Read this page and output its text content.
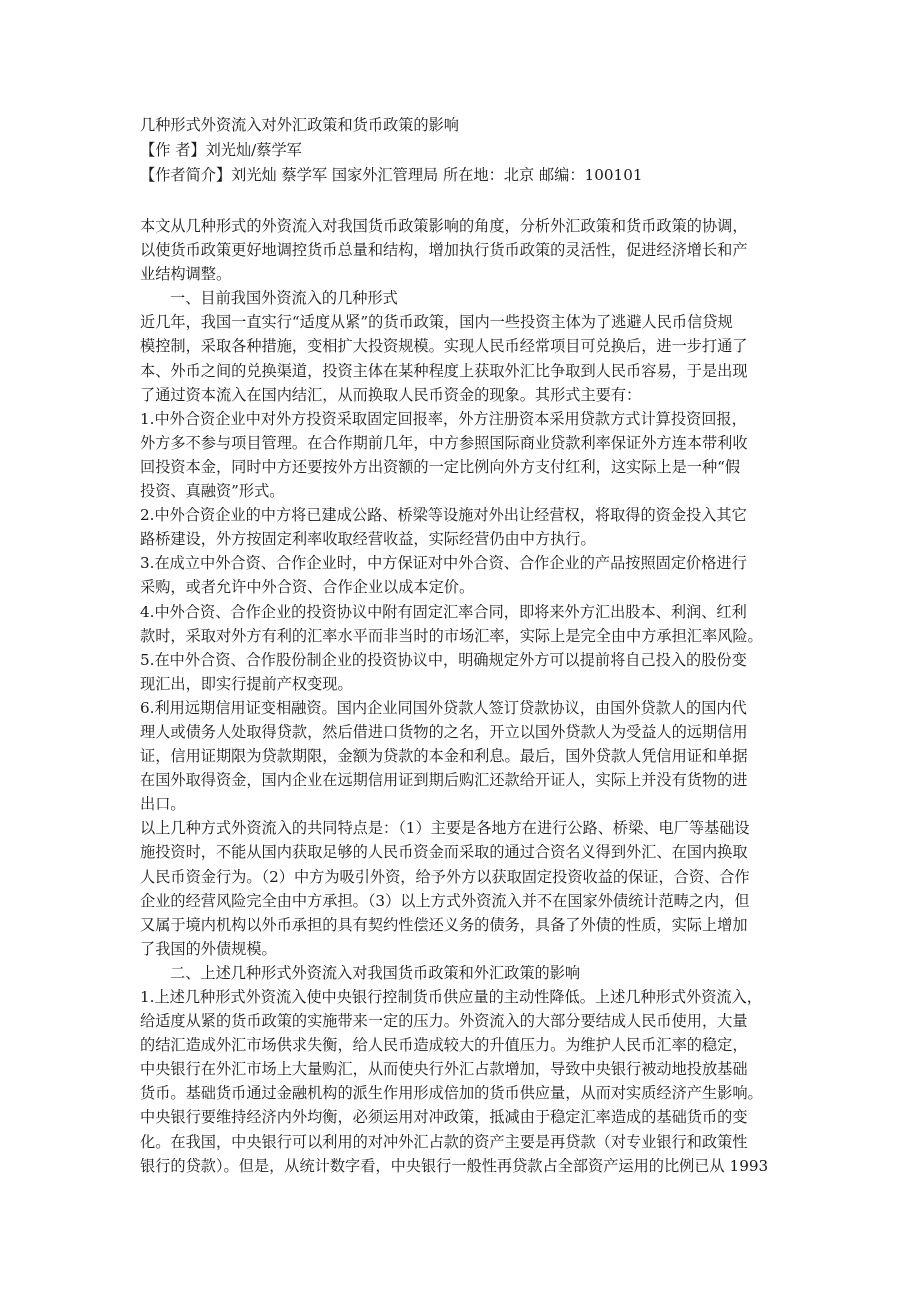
几种形式外资流入对外汇政策和货币政策的影响
【作 者】刘光灿/蔡学军
【作者简介】刘光灿 蔡学军 国家外汇管理局 所在地：北京 邮编：100101
本文从几种形式的外资流入对我国货币政策影响的角度，分析外汇政策和货币政策的协调，
以使货币政策更好地调控货币总量和结构，增加执行货币政策的灵活性，促进经济增长和产
业结构调整。
一、目前我国外资流入的几种形式
近几年，我国一直实行“适度从紧”的货币政策，国内一些投资主体为了逃避人民币信贷规
模控制，采取各种措施，变相扩大投资规模。实现人民币经常项目可兑换后，进一步打通了
本、外币之间的兑换渠道，投资主体在某种程度上获取外汇比争取到人民币容易，于是出现
了通过资本流入在国内结汇，从而换取人民币资金的现象。其形式主要有：
1.中外合资企业中对外方投资采取固定回报率，外方注册资本采用贷款方式计算投资回报，
外方多不参与项目管理。在合作期前几年，中方参照国际商业贷款利率保证外方连本带利收
回投资本金，同时中方还要按外方出资额的一定比例向外方支付红利，这实际上是一种“假
投资、真融资”形式。
2.中外合资企业的中方将已建成公路、桥梁等设施对外出让经营权，将取得的资金投入其它
路桥建设，外方按固定利率收取经营收益，实际经营仍由中方执行。
3.在成立中外合资、合作企业时，中方保证对中外合资、合作企业的产品按照固定价格进行
采购，或者允许中外合资、合作企业以成本定价。
4.中外合资、合作企业的投资协议中附有固定汇率合同，即将来外方汇出股本、利润、红利
款时，采取对外方有利的汇率水平而非当时的市场汇率，实际上是完全由中方承担汇率风险。
5.在中外合资、合作股份制企业的投资协议中，明确规定外方可以提前将自己投入的股份变
现汇出，即实行提前产权变现。
6.利用远期信用证变相融资。国内企业同国外贷款人签订贷款协议，由国外贷款人的国内代
理人或债务人处取得贷款，然后借进口货物的之名，开立以国外贷款人为受益人的远期信用
证，信用证期限为贷款期限，金额为贷款的本金和利息。最后，国外贷款人凭信用证和单据
在国外取得资金，国内企业在远期信用证到期后购汇还款给开证人，实际上并没有货物的进
出口。
以上几种方式外资流入的共同特点是：（1）主要是各地方在进行公路、桥梁、电厂等基础设
施投资时，不能从国内获取足够的人民币资金而采取的通过合资名义得到外汇、在国内换取
人民币资金行为。（2）中方为吸引外资，给予外方以获取固定投资收益的保证，合资、合作
企业的经营风险完全由中方承担。（3）以上方式外资流入并不在国家外债统计范畴之内，但
又属于境内机构以外币承担的具有契约性偿还义务的债务，具备了外债的性质，实际上增加
了我国的外债规模。
二、上述几种形式外资流入对我国货币政策和外汇政策的影响
1.上述几种形式外资流入使中央银行控制货币供应量的主动性降低。上述几种形式外资流入，
给适度从紧的货币政策的实施带来一定的压力。外资流入的大部分要结成人民币使用，大量
的结汇造成外汇市场供求失衡，给人民币造成较大的升值压力。为维护人民币汇率的稳定，
中央银行在外汇市场上大量购汇，从而使央行外汇占款增加，导致中央银行被动地投放基础
货币。基础货币通过金融机构的派生作用形成倍加的货币供应量，从而对实质经济产生影响。
中央银行要维持经济内外均衡，必须运用对冲政策，抵减由于稳定汇率造成的基础货币的变
化。在我国，中央银行可以利用的对冲外汇占款的资产主要是再贷款（对专业银行和政策性
银行的贷款）。但是，从统计数字看，中央银行一般性再贷款占全部资产运用的比例已从 1993
